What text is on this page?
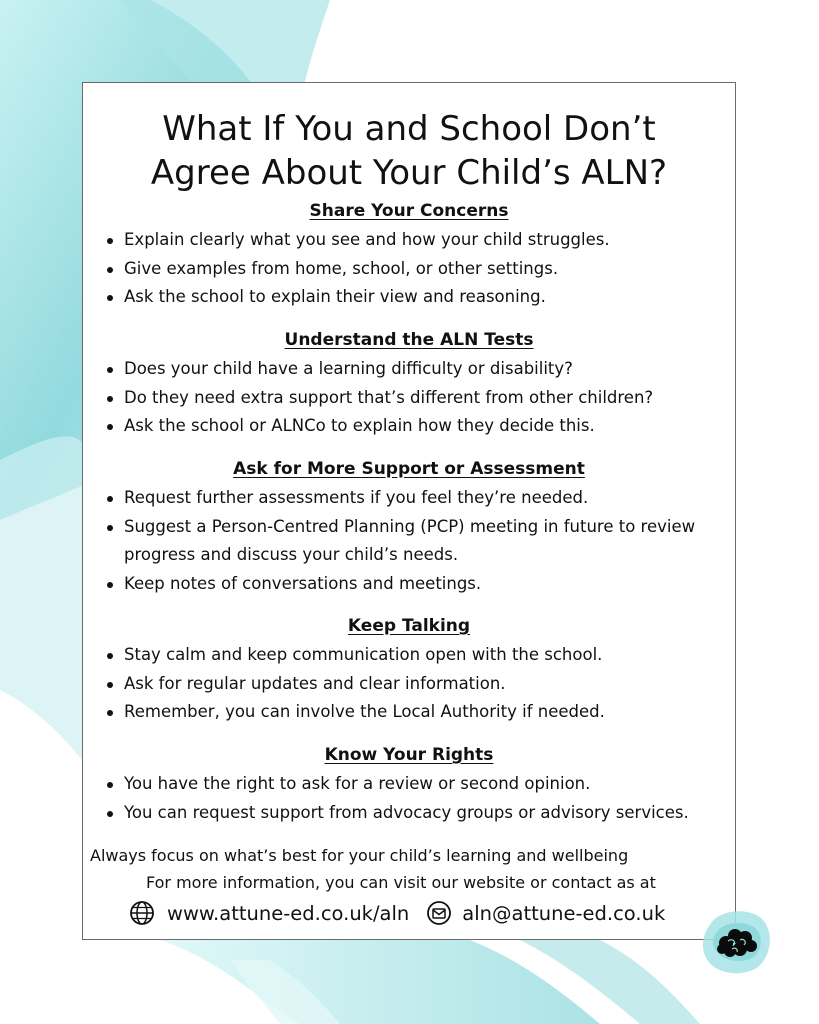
What If You and School Don’t
Agree About Your Child’s ALN?
Share Your Concerns
Explain clearly what you see and how your child struggles.
Give examples from home, school, or other settings.
Ask the school to explain their view and reasoning.
Understand the ALN Tests
Does your child have a learning difficulty or disability?
Do they need extra support that’s different from other children?
Ask the school or ALNCo to explain how they decide this.
Ask for More Support or Assessment
Request further assessments if you feel they’re needed.
Suggest a Person-Centred Planning (PCP) meeting in future to review progress and discuss your child’s needs.
Keep notes of conversations and meetings.
Keep Talking
Stay calm and keep communication open with the school.
Ask for regular updates and clear information.
Remember, you can involve the Local Authority if needed.
Know Your Rights
You have the right to ask for a review or second opinion.
You can request support from advocacy groups or advisory services.
Always focus on what’s best for your child’s learning and wellbeing
For more information, you can visit our website or contact as at
www.attune-ed.co.uk/aln	aln@attune-ed.co.uk
